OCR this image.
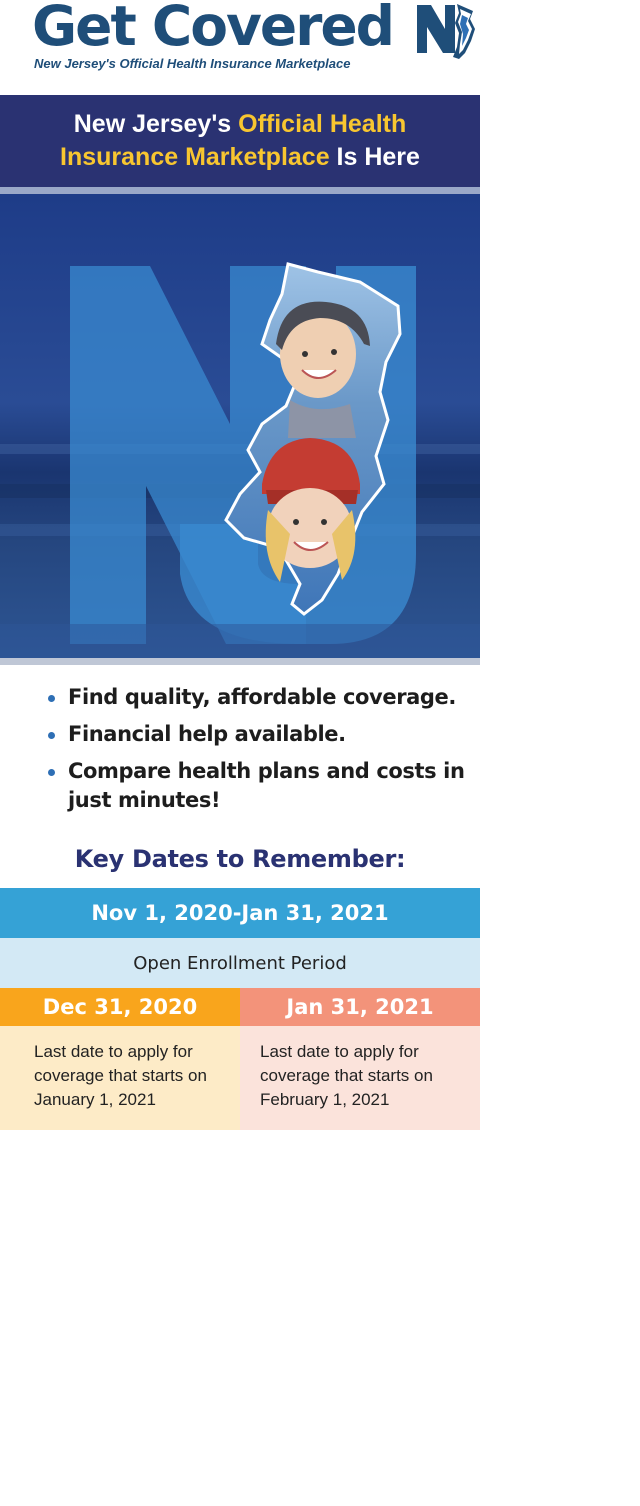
Get Covered
New Jersey's Official Health Insurance Marketplace
New Jersey's Official Health
Insurance Marketplace Is Here
Find quality, affordable coverage.
Financial help available.
Compare health plans and costs in just minutes!
Key Dates to Remember:
Nov 1, 2020-Jan 31, 2021
Open Enrollment Period
Dec 31, 2020	Jan 31, 2021
Last date to apply for coverage that starts on January 1, 2021
Last date to apply for coverage that starts on February 1, 2021
